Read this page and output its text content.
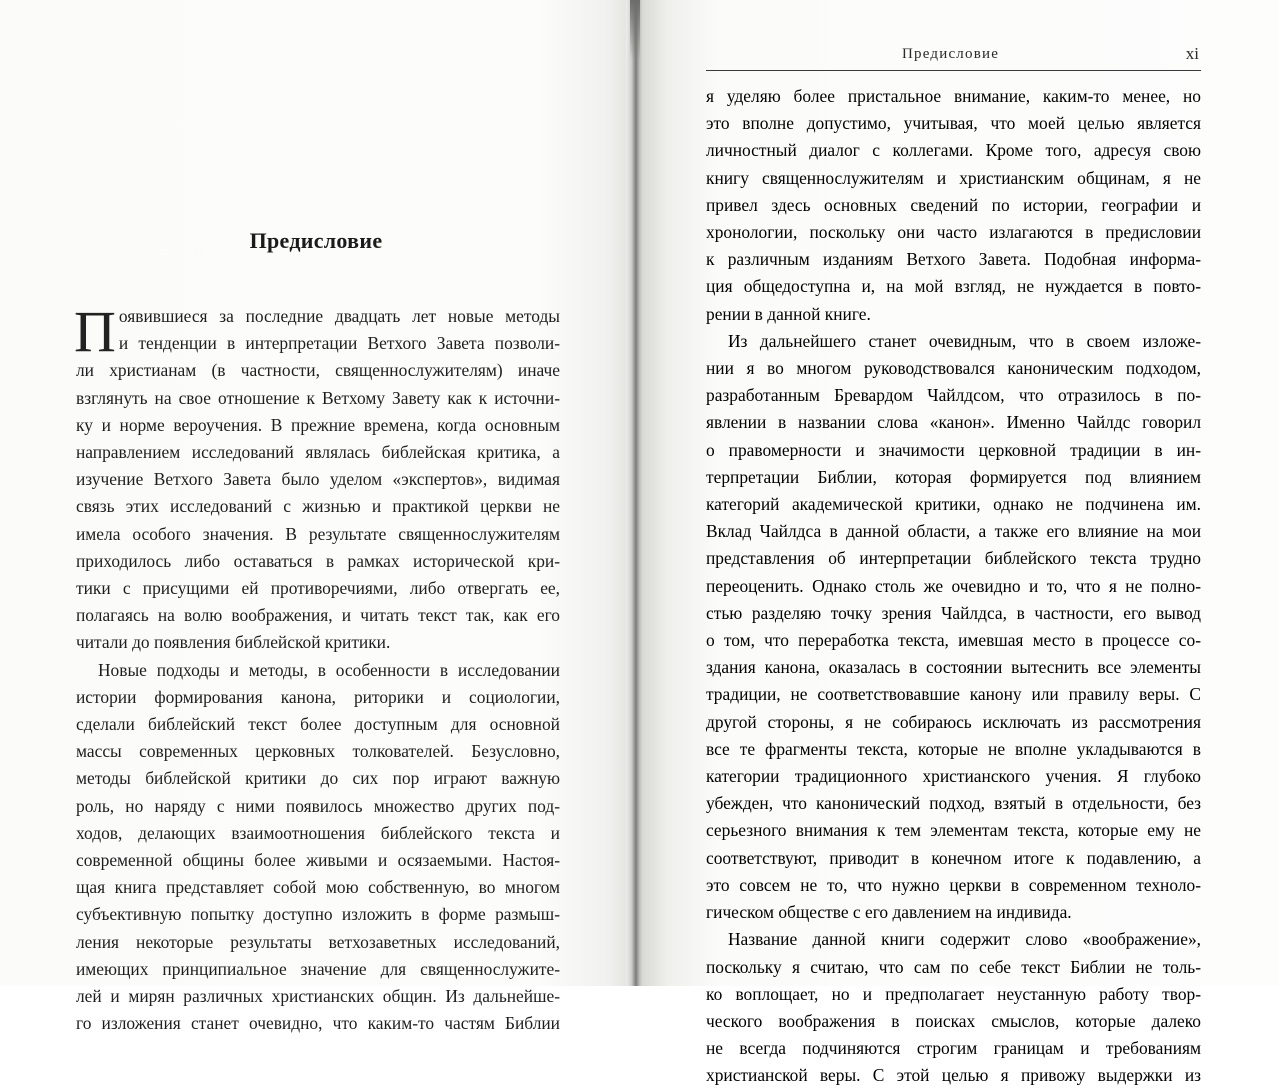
Предисловие
П оявившиеся за последние двадцать лет новые методы
и тенденции в интерпретации Ветхого Завета позволи-
ли христианам (в частности, священнослужителям) иначе
взглянуть на свое отношение к Ветхому Завету как к источни-
ку и норме вероучения. В прежние времена, когда основным
направлением исследований являлась библейская критика, а
изучение Ветхого Завета было уделом «экспертов», видимая
связь этих исследований с жизнью и практикой церкви не
имела особого значения. В результате священнослужителям
приходилось либо оставаться в рамках исторической кри-
тики с присущими ей противоречиями, либо отвергать ее,
полагаясь на волю воображения, и читать текст так, как его
читали до появления библейской критики.
Новые подходы и методы, в особенности в исследовании
истории формирования канона, риторики и социологии,
сделали библейский текст более доступным для основной
массы современных церковных толкователей. Безусловно,
методы библейской критики до сих пор играют важную
роль, но наряду с ними появилось множество других под-
ходов, делающих взаимоотношения библейского текста и
современной общины более живыми и осязаемыми. Настоя-
щая книга представляет собой мою собственную, во многом
субъективную попытку доступно изложить в форме размыш-
ления некоторые результаты ветхозаветных исследований,
имеющих принципиальное значение для священнослужите-
лей и мирян различных христианских общин. Из дальнейше-
го изложения станет очевидно, что каким-то частям Библии
Предисловие	xi
я уделяю более пристальное внимание, каким-то менее, но
это вполне допустимо, учитывая, что моей целью является
личностный диалог с коллегами. Кроме того, адресуя свою
книгу священнослужителям и христианским общинам, я не
привел здесь основных сведений по истории, географии и
хронологии, поскольку они часто излагаются в предисловии
к различным изданиям Ветхого Завета. Подобная информа-
ция общедоступна и, на мой взгляд, не нуждается в повто-
рении в данной книге.
Из дальнейшего станет очевидным, что в своем изложе-
нии я во многом руководствовался каноническим подходом,
разработанным Бревардом Чайлдсом, что отразилось в по-
явлении в названии слова «канон». Именно Чайлдс говорил
о правомерности и значимости церковной традиции в ин-
терпретации Библии, которая формируется под влиянием
категорий академической критики, однако не подчинена им.
Вклад Чайлдса в данной области, а также его влияние на мои
представления об интерпретации библейского текста трудно
переоценить. Однако столь же очевидно и то, что я не полно-
стью разделяю точку зрения Чайлдса, в частности, его вывод
о том, что переработка текста, имевшая место в процессе со-
здания канона, оказалась в состоянии вытеснить все элементы
традиции, не соответствовавшие канону или правилу веры. С
другой стороны, я не собираюсь исключать из рассмотрения
все те фрагменты текста, которые не вполне укладываются в
категории традиционного христианского учения. Я глубоко
убежден, что канонический подход, взятый в отдельности, без
серьезного внимания к тем элементам текста, которые ему не
соответствуют, приводит в конечном итоге к подавлению, а
это совсем не то, что нужно церкви в современном техноло-
гическом обществе с его давлением на индивида.
Название данной книги содержит слово «воображение»,
поскольку я считаю, что сам по себе текст Библии не толь-
ко воплощает, но и предполагает неустанную работу твор-
ческого воображения в поисках смыслов, которые далеко
не всегда подчиняются строгим границам и требованиям
христианской веры. С этой целью я привожу выдержки из
